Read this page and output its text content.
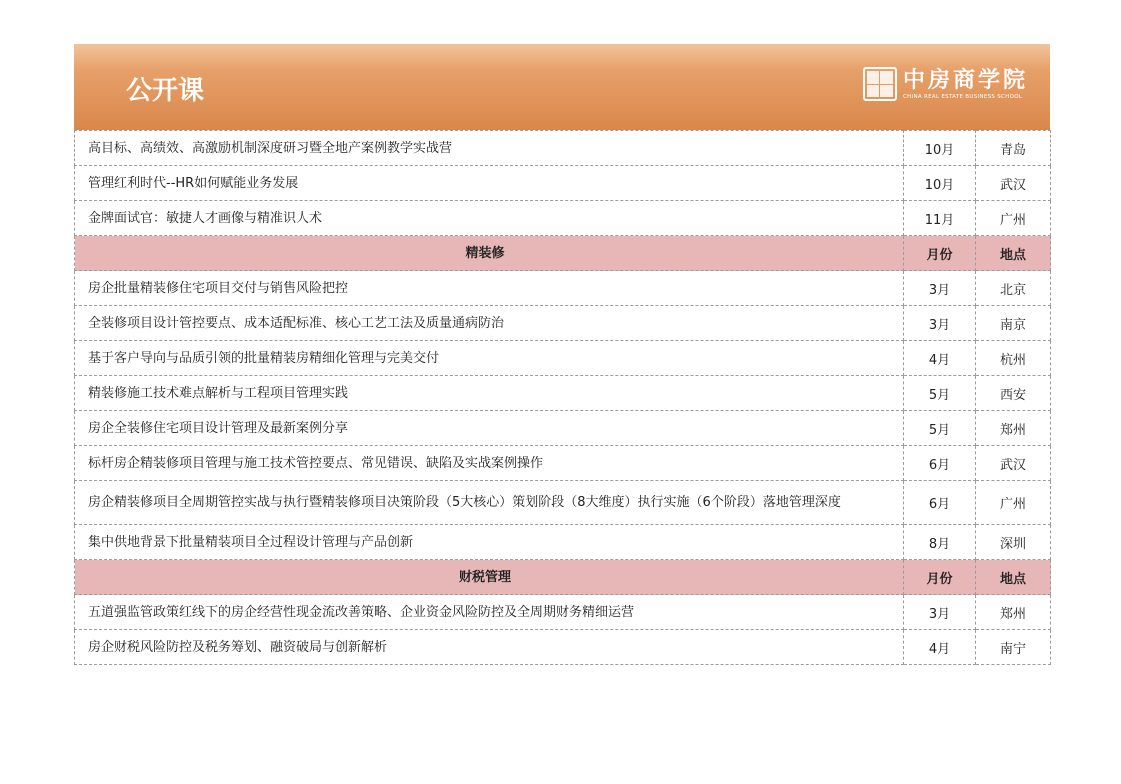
公开课	中房商学院
CHINA REAL ESTATE BUSINESS SCHOOL
高目标、高绩效、高激励机制深度研习暨全地产案例教学实战营	10月	青岛
管理红利时代--HR如何赋能业务发展	10月	武汉
金牌面试官：敏捷人才画像与精准识人术	11月	广州
精装修	月份	地点
房企批量精装修住宅项目交付与销售风险把控	3月	北京
全装修项目设计管控要点、成本适配标准、核心工艺工法及质量通病防治	3月	南京
基于客户导向与品质引领的批量精装房精细化管理与完美交付	4月	杭州
精装修施工技术难点解析与工程项目管理实践	5月	西安
房企全装修住宅项目设计管理及最新案例分享	5月	郑州
标杆房企精装修项目管理与施工技术管控要点、常见错误、缺陷及实战案例操作	6月	武汉
房企精装修项目全周期管控实战与执行暨精装修项目决策阶段（5大核心）策划阶段（8大维度）执行实施（6个阶段）落地管理深度	6月	广州
集中供地背景下批量精装项目全过程设计管理与产品创新	8月	深圳
财税管理	月份	地点
五道强监管政策红线下的房企经营性现金流改善策略、企业资金风险防控及全周期财务精细运营	3月	郑州
房企财税风险防控及税务筹划、融资破局与创新解析	4月	南宁
